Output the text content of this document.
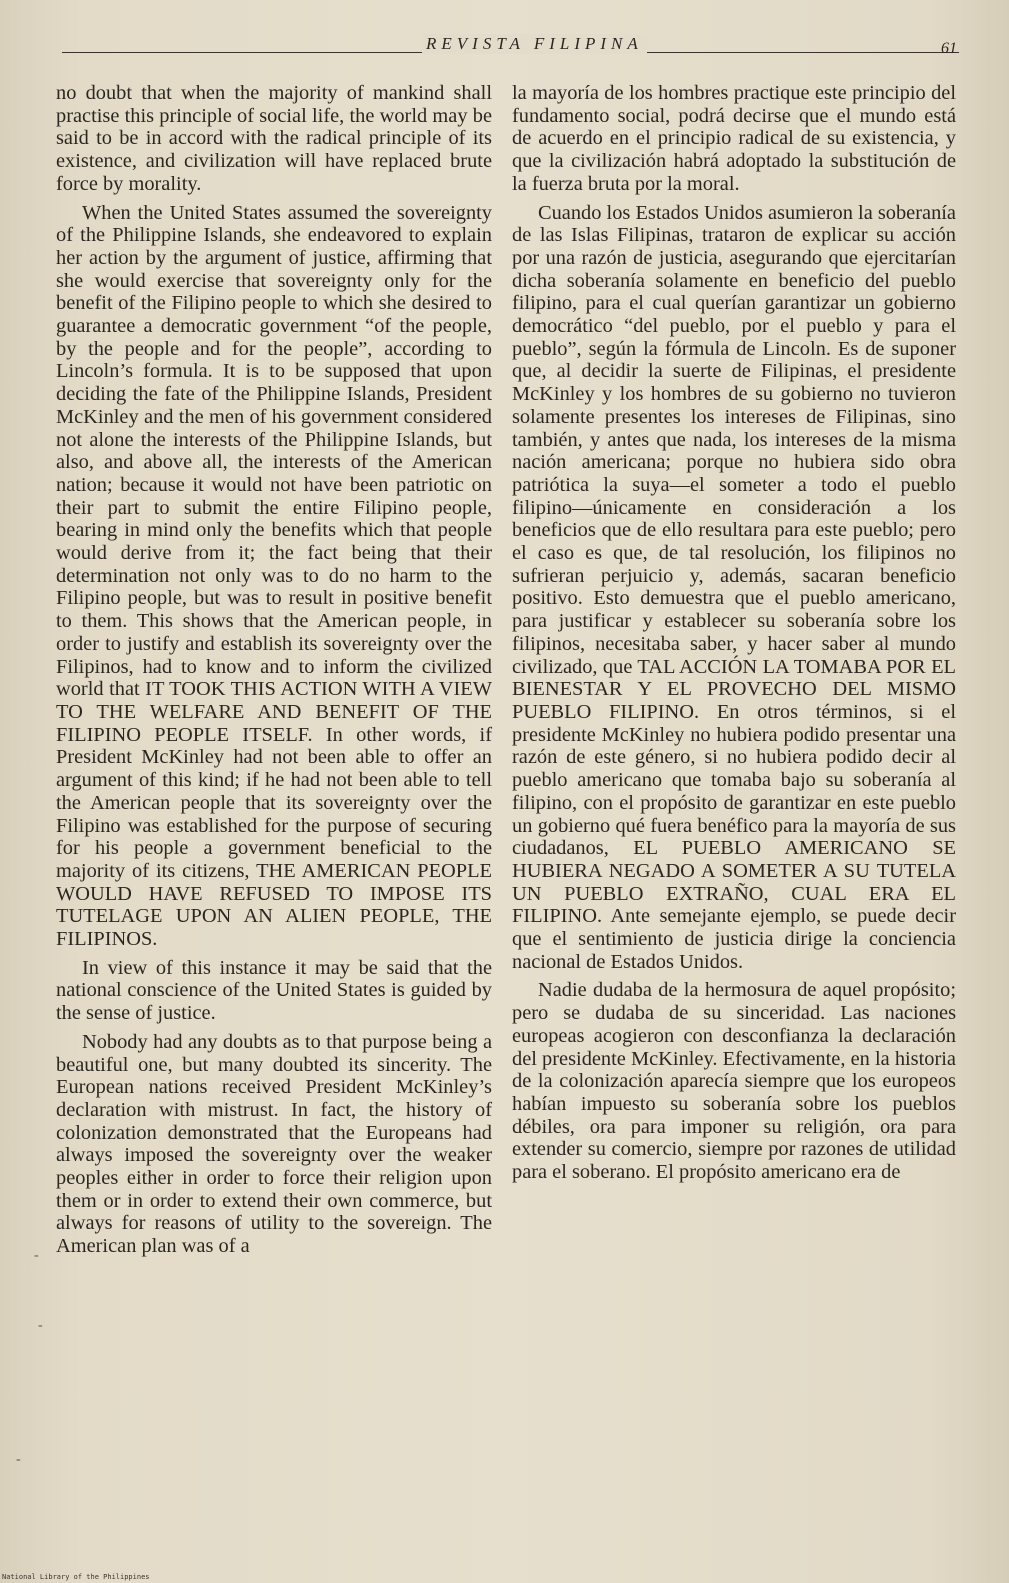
REVISTA FILIPINA	61

no doubt that when the majority of mankind shall practise this principle of social life, the world may be said to be in accord with the radical principle of its existence, and civilization will have replaced brute force by morality.

When the United States assumed the sovereignty of the Philippine Islands, she endeavored to explain her action by the argument of justice, affirming that she would exercise that sovereignty only for the benefit of the Filipino people to which she desired to guarantee a democratic government “of the people, by the people and for the people”, according to Lincoln’s formula. It is to be supposed that upon deciding the fate of the Philippine Islands, President McKinley and the men of his government considered not alone the interests of the Philippine Islands, but also, and above all, the interests of the American nation; because it would not have been patriotic on their part to submit the entire Filipino people, bearing in mind only the benefits which that people would derive from it; the fact being that their determination not only was to do no harm to the Filipino people, but was to result in positive benefit to them. This shows that the American people, in order to justify and establish its sovereignty over the Filipinos, had to know and to inform the civilized world that IT TOOK THIS ACTION WITH A VIEW TO THE WELFARE AND BENEFIT OF THE FILIPINO PEOPLE ITSELF. In other words, if President McKinley had not been able to offer an argument of this kind; if he had not been able to tell the American people that its sovereignty over the Filipino was established for the purpose of securing for his people a government beneficial to the majority of its citizens, THE AMERICAN PEOPLE WOULD HAVE REFUSED TO IMPOSE ITS TUTELAGE UPON AN ALIEN PEOPLE, THE FILIPINOS.

In view of this instance it may be said that the national conscience of the United States is guided by the sense of justice.

Nobody had any doubts as to that purpose being a beautiful one, but many doubted its sincerity. The European nations received President McKinley’s declaration with mistrust. In fact, the history of colonization demonstrated that the Europeans had always imposed the sovereignty over the weaker peoples either in order to force their religion upon them or in order to extend their own commerce, but always for reasons of utility to the sovereign. The American plan was of a

la mayoría de los hombres practique este principio del fundamento social, podrá decirse que el mundo está de acuerdo en el principio radical de su existencia, y que la civilización habrá adoptado la substitución de la fuerza bruta por la moral.

Cuando los Estados Unidos asumieron la soberanía de las Islas Filipinas, trataron de explicar su acción por una razón de justicia, asegurando que ejercitarían dicha soberanía solamente en beneficio del pueblo filipino, para el cual querían garantizar un gobierno democrático “del pueblo, por el pueblo y para el pueblo”, según la fórmula de Lincoln. Es de suponer que, al decidir la suerte de Filipinas, el presidente McKinley y los hombres de su gobierno no tuvieron solamente presentes los intereses de Filipinas, sino también, y antes que nada, los intereses de la misma nación americana; porque no hubiera sido obra patriótica la suya—el someter a todo el pueblo filipino—únicamente en consideración a los beneficios que de ello resultara para este pueblo; pero el caso es que, de tal resolución, los filipinos no sufrieran perjuicio y, además, sacaran beneficio positivo. Esto demuestra que el pueblo americano, para justificar y establecer su soberanía sobre los filipinos, necesitaba saber, y hacer saber al mundo civilizado, que TAL ACCIÓN LA TOMABA POR EL BIENESTAR Y EL PROVECHO DEL MISMO PUEBLO FILIPINO. En otros términos, si el presidente McKinley no hubiera podido presentar una razón de este género, si no hubiera podido decir al pueblo americano que tomaba bajo su soberanía al filipino, con el propósito de garantizar en este pueblo un gobierno qué fuera benéfico para la mayoría de sus ciudadanos, EL PUEBLO AMERICANO SE HUBIERA NEGADO A SOMETER A SU TUTELA UN PUEBLO EXTRAÑO, CUAL ERA EL FILIPINO. Ante semejante ejemplo, se puede decir que el sentimiento de justicia dirige la conciencia nacional de Estados Unidos.

Nadie dudaba de la hermosura de aquel propósito; pero se dudaba de su sinceridad. Las naciones europeas acogieron con desconfianza la declaración del presidente McKinley. Efectivamente, en la historia de la colonización aparecía siempre que los europeos habían impuesto su soberanía sobre los pueblos débiles, ora para imponer su religión, ora para extender su comercio, siempre por razones de utilidad para el soberano. El propósito americano era de

-
-
-
National Library of the Philippines
